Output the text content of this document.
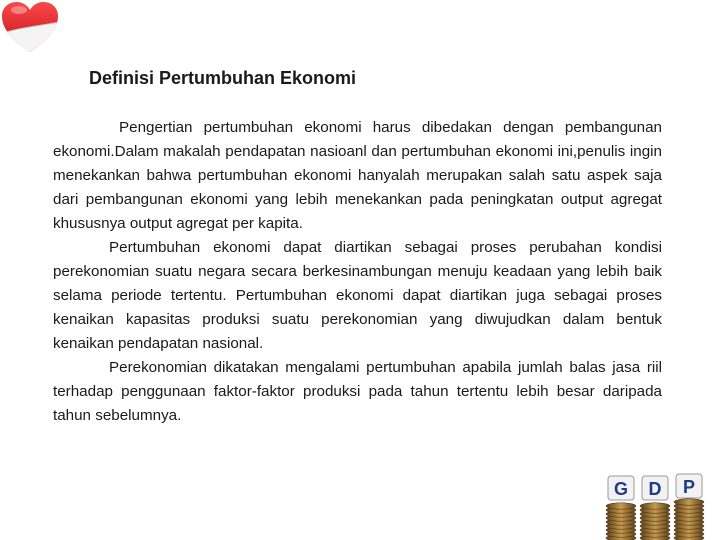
Definisi Pertumbuhan Ekonomi

Pengertian pertumbuhan ekonomi harus dibedakan dengan pembangunan ekonomi.Dalam makalah pendapatan nasioanl dan pertumbuhan ekonomi ini,penulis ingin menekankan bahwa pertumbuhan ekonomi hanyalah merupakan salah satu aspek saja dari pembangunan ekonomi yang lebih menekankan pada peningkatan output agregat khususnya output agregat per kapita.

Pertumbuhan ekonomi dapat diartikan sebagai proses perubahan kondisi perekonomian suatu negara secara berkesinambungan menuju keadaan yang lebih baik selama periode tertentu. Pertumbuhan ekonomi dapat diartikan juga sebagai proses kenaikan kapasitas produksi suatu perekonomian yang diwujudkan dalam bentuk kenaikan pendapatan nasional.

Perekonomian dikatakan mengalami pertumbuhan apabila jumlah balas jasa riil terhadap penggunaan faktor-faktor produksi pada tahun tertentu lebih besar daripada tahun sebelumnya.

G D P
